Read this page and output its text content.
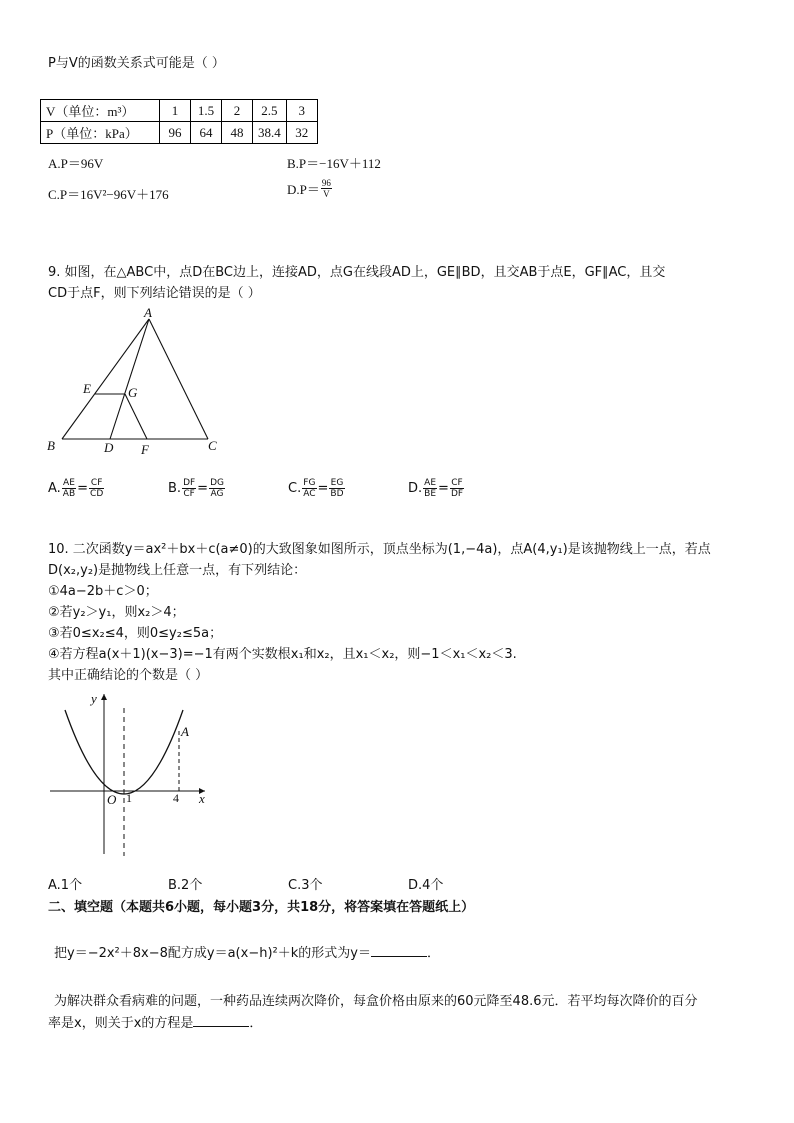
P与V的函数关系式可能是（ ）
V（单位：m³）	1	1.5	2	2.5	3
P（单位：kPa）	96	64	48	38.4	32
A.P＝96V	B.P＝−16V＋112
C.P＝16V²−96V＋176	$D.P= \frac{96}{V}$
9. 如图，在△ABC中，点D在BC边上，连接AD，点G在线段AD上，GE∥BD，且交AB于点E，GF∥AC，且交
CD于点F，则下列结论错误的是（ ）
A
B	C
D
E
F
G
A. $\frac{AE}{AB} = \frac{CF}{CD}$	B. $\frac{DF}{CF} = \frac{DG}{AG}$	C. $\frac{FG}{AC} = \frac{EG}{BD}$	D. $\frac{AE}{BE} = \frac{CF}{DF}$
10. 二次函数y＝ax²＋bx＋c(a≠0)的大致图象如图所示，顶点坐标为(1,−4a)，点A(4,y₁)是该抛物线上一点，若点
D(x₂,y₂)是抛物线上任意一点，有下列结论：
①4a−2b＋c＞0；
②若y₂＞y₁，则x₂＞4；
③若0≤x₂≤4，则0≤y₂≤5a；
④若方程a(x＋1)(x−3)=−1有两个实数根x₁和x₂，且x₁＜x₂，则−1＜x₁＜x₂＜3.
其中正确结论的个数是（ ）
y
x
O 1	4
A
A.1个	B.2个	C.3个	D.4个
二、填空题（本题共6小题，每小题3分，共18分，将答案填在答题纸上）
把y＝−2x²＋8x−8配方成y＝a(x−h)²＋k的形式为y＝	．
为解决群众看病难的问题，一种药品连续两次降价，每盒价格由原来的60元降至48.6元．若平均每次降价的百分
率是x，则关于x的方程是	．
